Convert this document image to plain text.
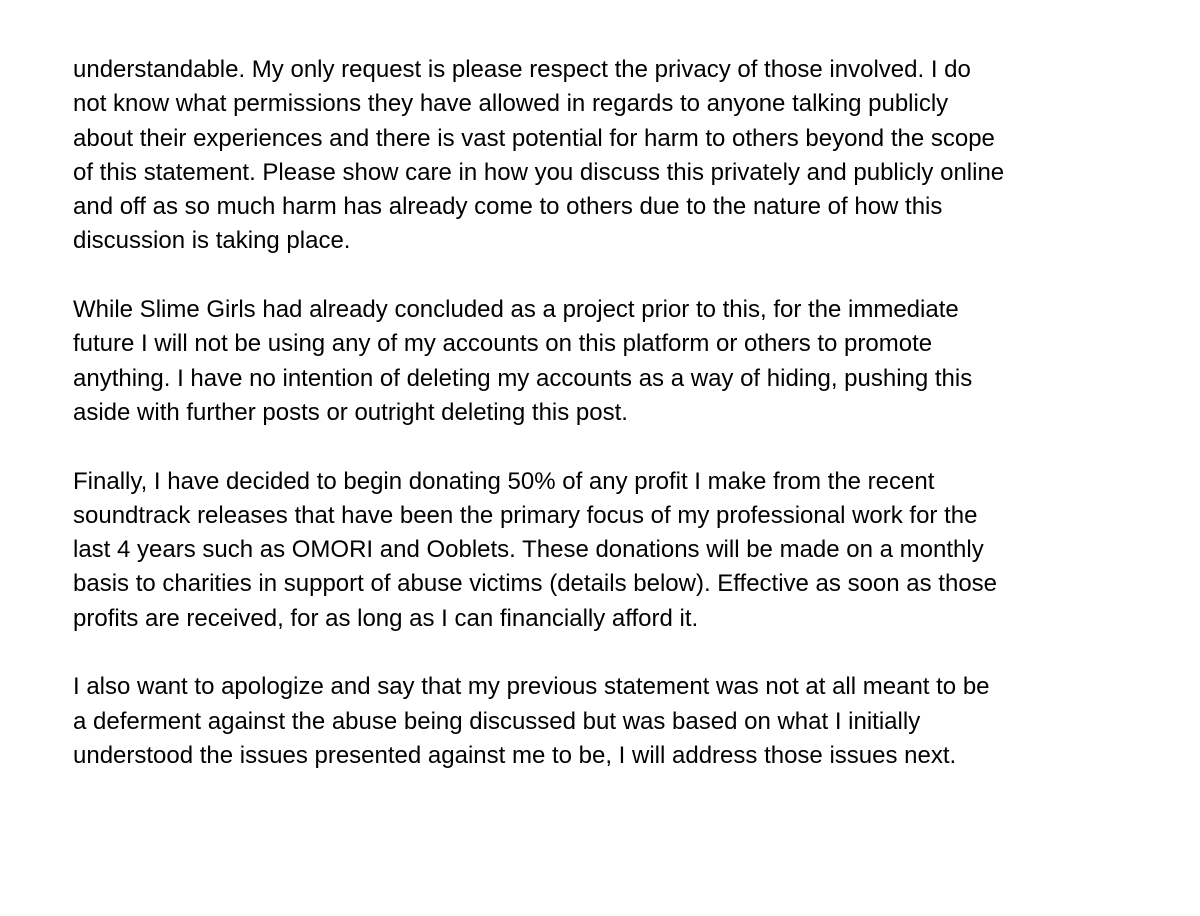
understandable. My only request is please respect the privacy of those involved. I do
not know what permissions they have allowed in regards to anyone talking publicly
about their experiences and there is vast potential for harm to others beyond the scope
of this statement. Please show care in how you discuss this privately and publicly online
and off as so much harm has already come to others due to the nature of how this
discussion is taking place.

While Slime Girls had already concluded as a project prior to this, for the immediate
future I will not be using any of my accounts on this platform or others to promote
anything. I have no intention of deleting my accounts as a way of hiding, pushing this
aside with further posts or outright deleting this post.

Finally, I have decided to begin donating 50% of any profit I make from the recent
soundtrack releases that have been the primary focus of my professional work for the
last 4 years such as OMORI and Ooblets. These donations will be made on a monthly
basis to charities in support of abuse victims (details below). Effective as soon as those
profits are received, for as long as I can financially afford it.

I also want to apologize and say that my previous statement was not at all meant to be
a deferment against the abuse being discussed but was based on what I initially
understood the issues presented against me to be, I will address those issues next.
